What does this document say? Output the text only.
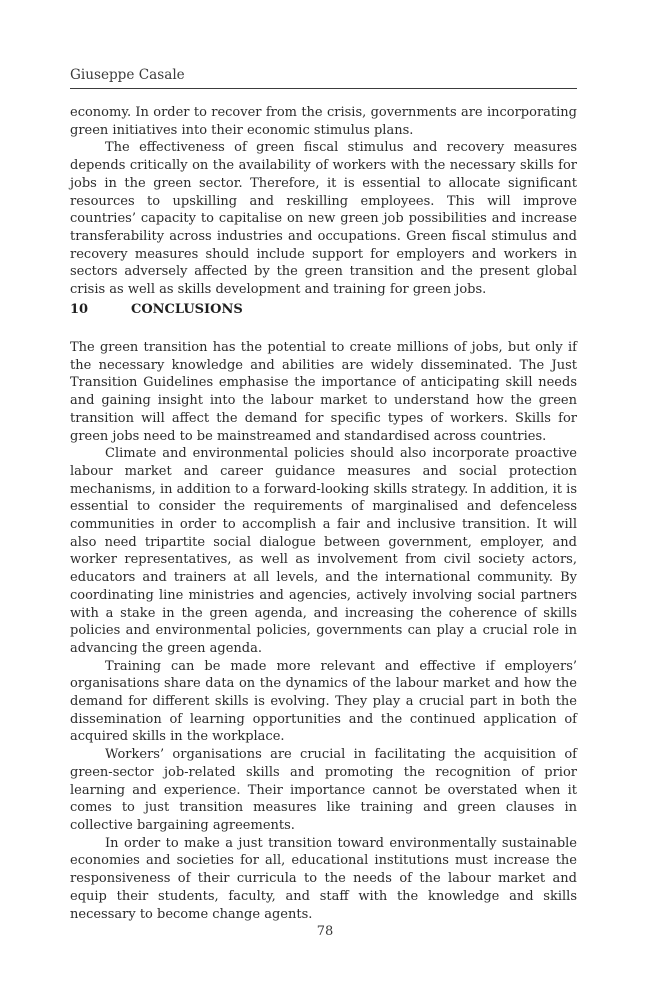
Giuseppe Casale

economy. In order to recover from the crisis, governments are incorporating green initiatives into their economic stimulus plans.

The effectiveness of green fiscal stimulus and recovery measures depends critically on the availability of workers with the necessary skills for jobs in the green sector. Therefore, it is essential to allocate significant resources to upskilling and reskilling employees. This will improve countries’ capacity to capitalise on new green job possibilities and increase transferability across industries and occupations. Green fiscal stimulus and recovery measures should include support for employers and workers in sectors adversely affected by the green transition and the present global crisis as well as skills development and training for green jobs.

10	CONCLUSIONS

The green transition has the potential to create millions of jobs, but only if the necessary knowledge and abilities are widely disseminated. The Just Transition Guidelines emphasise the importance of anticipating skill needs and gaining insight into the labour market to understand how the green transition will affect the demand for specific types of workers. Skills for green jobs need to be mainstreamed and standardised across countries.

Climate and environmental policies should also incorporate proactive labour market and career guidance measures and social protection mechanisms, in addition to a forward-looking skills strategy. In addition, it is essential to consider the requirements of marginalised and defenceless communities in order to accomplish a fair and inclusive transition. It will also need tripartite social dialogue between government, employer, and worker representatives, as well as involvement from civil society actors, educators and trainers at all levels, and the international community. By coordinating line ministries and agencies, actively involving social partners with a stake in the green agenda, and increasing the coherence of skills policies and environmental policies, governments can play a crucial role in advancing the green agenda.

Training can be made more relevant and effective if employers’ organisations share data on the dynamics of the labour market and how the demand for different skills is evolving. They play a crucial part in both the dissemination of learning opportunities and the continued application of acquired skills in the workplace.

Workers’ organisations are crucial in facilitating the acquisition of green-sector job-related skills and promoting the recognition of prior learning and experience. Their importance cannot be overstated when it comes to just transition measures like training and green clauses in collective bargaining agreements.

In order to make a just transition toward environmentally sustainable economies and societies for all, educational institutions must increase the responsiveness of their curricula to the needs of the labour market and equip their students, faculty, and staff with the knowledge and skills necessary to become change agents.

78
